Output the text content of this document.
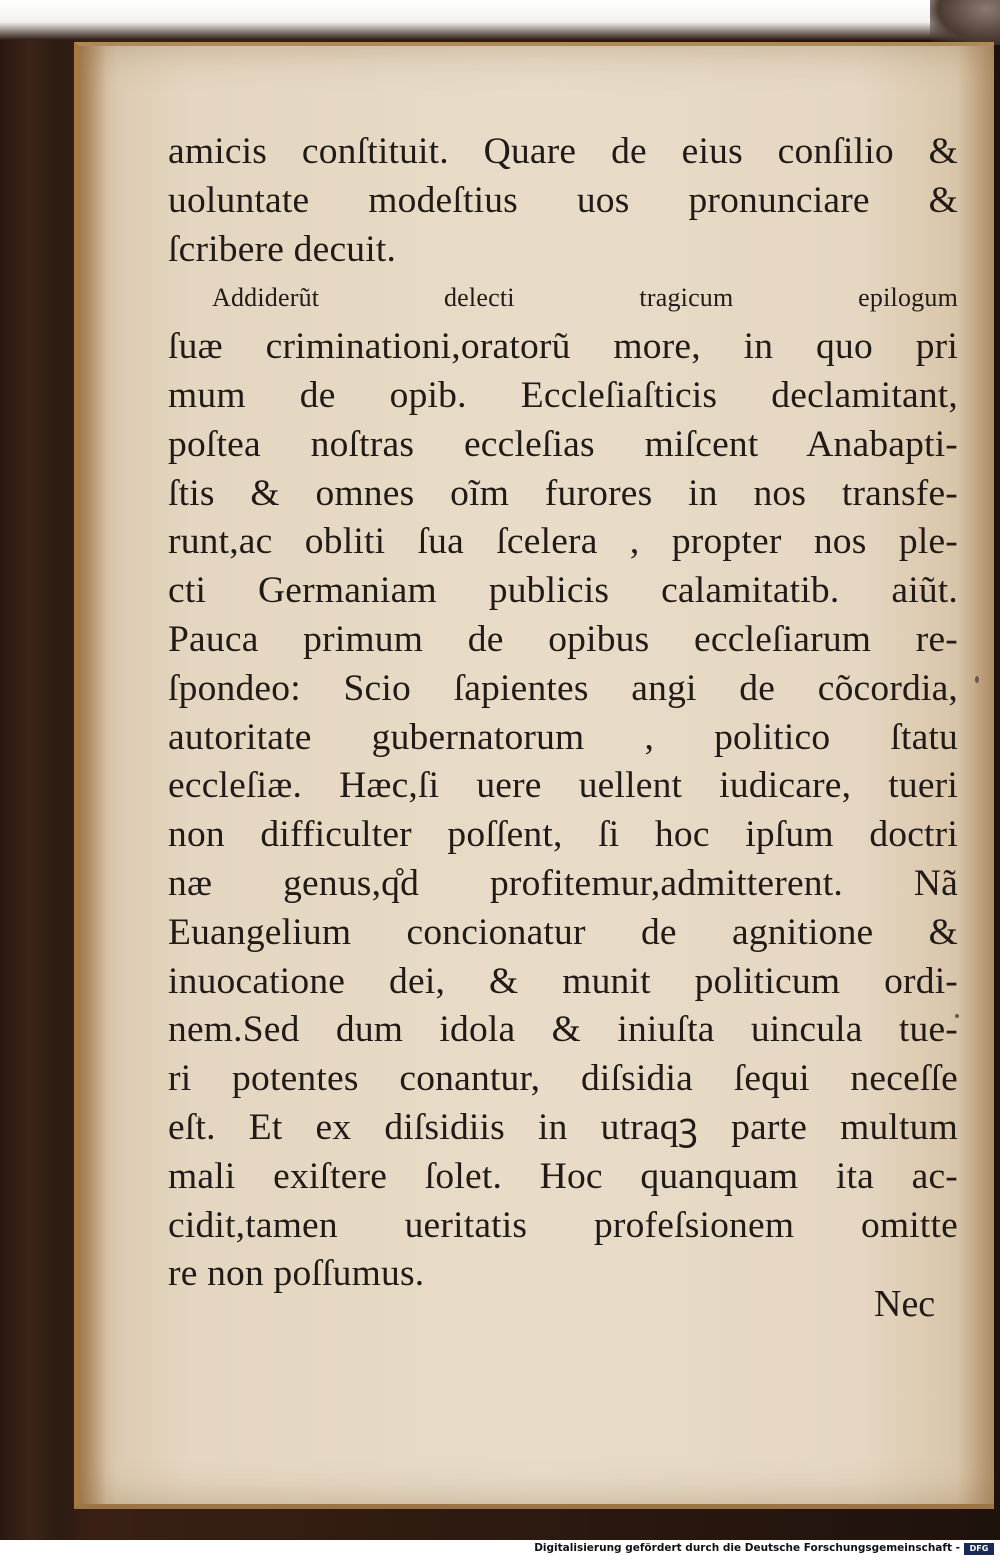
amicis conſtituit. Quare de eius conſilio &
uoluntate modeſtius uos pronunciare &
ſcribere decuit.
Addiderũt delecti tragicum epilogum
ſuæ criminationi,oratorũ more, in quo pri
mum de opib. Eccleſiaſticis declamitant,
poſtea noſtras eccleſias miſcent Anabapti-
ſtis & omnes oĩm furores in nos transfe-
runt,ac obliti ſua ſcelera , propter nos ple-
cti Germaniam publicis calamitatib. aiũt.
Pauca primum de opibus eccleſiarum re-
ſpondeo: Scio ſapientes angi de cõcordia,
autoritate gubernatorum , politico ſtatu
eccleſiæ. Hæc,ſi uere uellent iudicare, tueri
non difficulter poſſent, ſi hoc ipſum doctri
næ genus,q̊d profitemur,admitterent. Nã
Euangelium concionatur de agnitione &
inuocatione dei, & munit politicum ordi-
nem.Sed dum idola & iniuſta uincula tue-
ri potentes conantur, diſsidia ſequi neceſſe
eſt. Et ex diſsidiis in utraqꝫ parte multum
mali exiſtere ſolet. Hoc quanquam ita ac-
cidit,tamen ueritatis profeſsionem omitte
re non poſſumus.
Nec
Digitalisierung gefördert durch die Deutsche Forschungsgemeinschaft -	DFG
